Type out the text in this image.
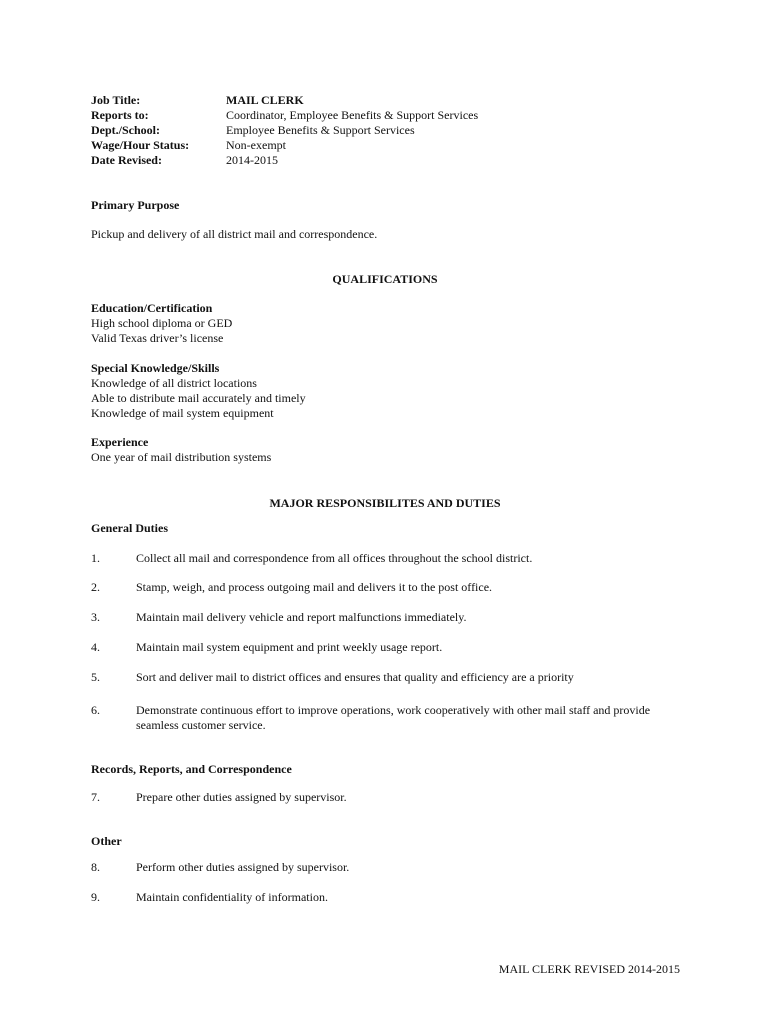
Job Title:	MAIL CLERK
Reports to:	Coordinator, Employee Benefits & Support Services
Dept./School:	Employee Benefits & Support Services
Wage/Hour Status:	Non-exempt
Date Revised:	2014-2015
Primary Purpose
Pickup and delivery of all district mail and correspondence.
QUALIFICATIONS
Education/Certification
High school diploma or GED
Valid Texas driver’s license
Special Knowledge/Skills
Knowledge of all district locations
Able to distribute mail accurately and timely
Knowledge of mail system equipment
Experience
One year of mail distribution systems
MAJOR RESPONSIBILITES AND DUTIES
General Duties
1.	Collect all mail and correspondence from all offices throughout the school district.
2.	Stamp, weigh, and process outgoing mail and delivers it to the post office.
3.	Maintain mail delivery vehicle and report malfunctions immediately.
4.	Maintain mail system equipment and print weekly usage report.
5.	Sort and deliver mail to district offices and ensures that quality and efficiency are a priority
6.	Demonstrate continuous effort to improve operations, work cooperatively with other mail staff and provide seamless customer service.
Records, Reports, and Correspondence
7.	Prepare other duties assigned by supervisor.
Other
8.	Perform other duties assigned by supervisor.
9.	Maintain confidentiality of information.
MAIL CLERK REVISED 2014-2015
